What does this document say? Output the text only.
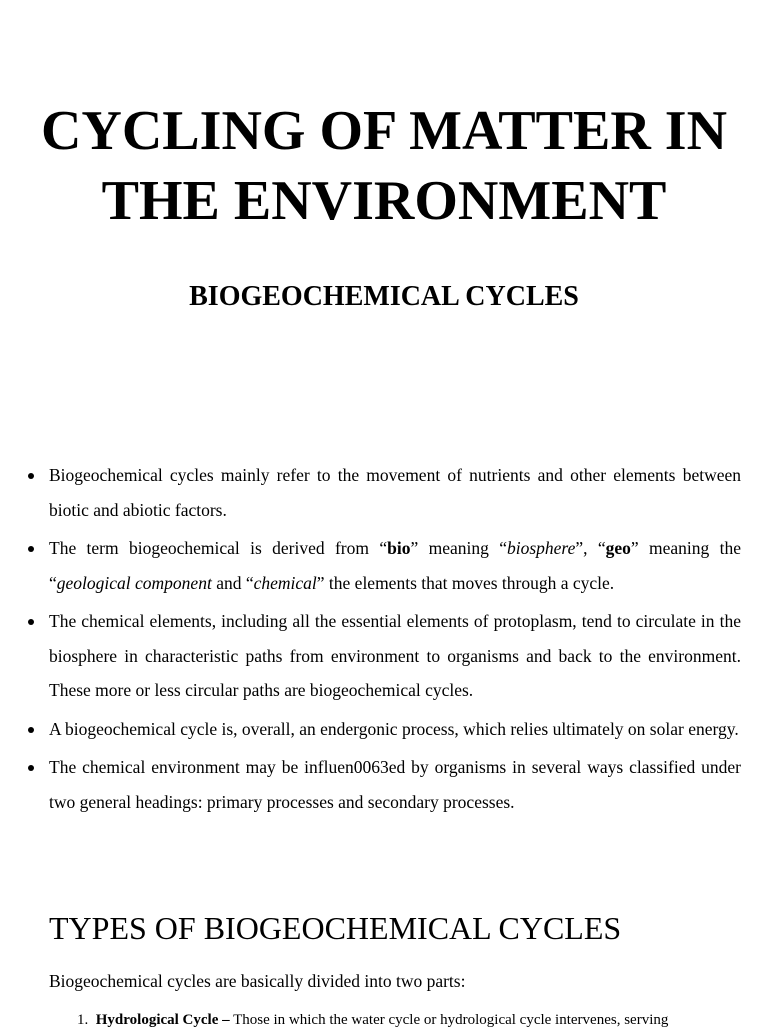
CYCLING OF MATTER IN
THE ENVIRONMENT
BIOGEOCHEMICAL CYCLES
Biogeochemical cycles mainly refer to the movement of nutrients and other elements between biotic and abiotic factors.
The term biogeochemical is derived from “bio” meaning “biosphere”, “geo” meaning the “geological component and “chemical” the elements that moves through a cycle.
The chemical elements, including all the essential elements of protoplasm, tend to circulate in the biosphere in characteristic paths from environment to organisms and back to the environment. These more or less circular paths are biogeochemical cycles.
A biogeochemical cycle is, overall, an endergonic process, which relies ultimately on solar energy.
The chemical environment may be influen0063ed by organisms in several ways classified under two general headings: primary processes and secondary processes.
TYPES OF BIOGEOCHEMICAL CYCLES

Biogeochemical cycles are basically divided into two parts:

1. Hydrological Cycle – Those in which the water cycle or hydrological cycle intervenes, serving
